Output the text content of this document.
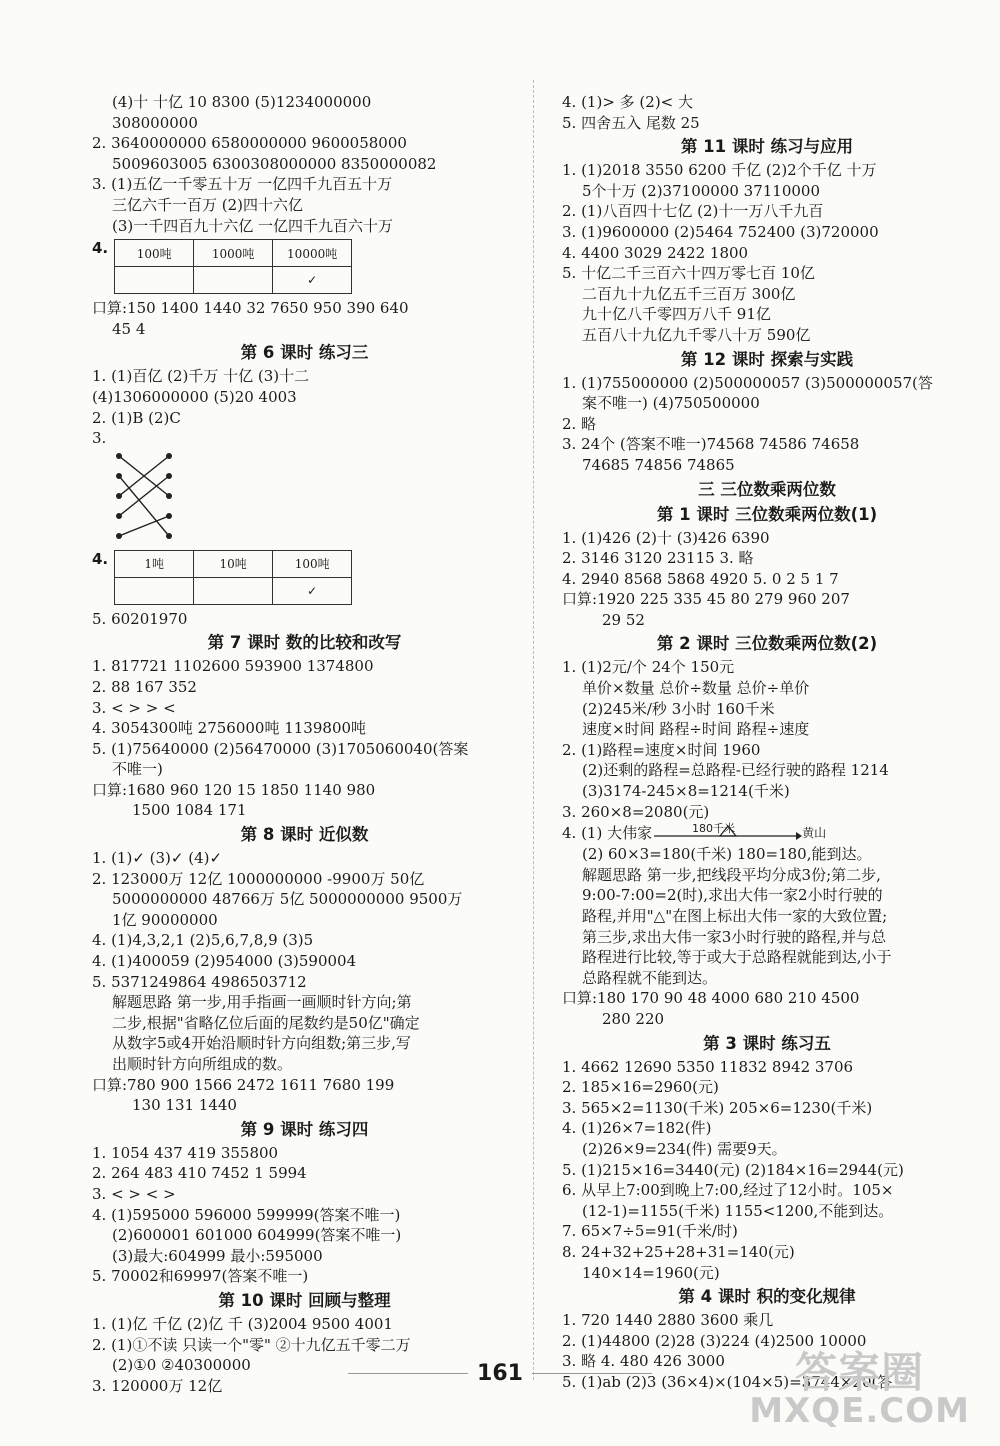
(4)十 十亿 10 8300 (5)1234000000
308000000
2. 3640000000 6580000000 9600058000
5009603005 6300308000000 8350000082
3. (1)五亿一千零五十万 一亿四千九百五十万
三亿六千一百万 (2)四十六亿
(3)一千四百九十六亿 一亿四千九百六十万
4. 100吨	1000吨	10000吨
		✓
口算:150 1400 1440 32 7650 950 390 640
45 4
第 6 课时 练习三
1. (1)百亿 (2)千万 十亿 (3)十二
(4)1306000000 (5)20 4003
2. (1)B (2)C
3.
4.	1吨	10吨	100吨
		✓
5. 60201970
第 7 课时 数的比较和改写
1. 817721 1102600 593900 1374800
2. 88 167 352
3. < > > <
4. 3054300吨 2756000吨 1139800吨
5. (1)75640000 (2)56470000 (3)1705060040(答案
不唯一)
口算:1680 960 120 15 1850 1140 980
1500 1084 171
第 8 课时 近似数
1. (1)✓ (3)✓ (4)✓
2. 123000万 12亿 1000000000 -9900万 50亿
5000000000 48766万 5亿 5000000000 9500万
1亿 90000000
4. (1)4,3,2,1 (2)5,6,7,8,9 (3)5
4. (1)400059 (2)954000 (3)590004
5. 5371249864 4986503712
解题思路 第一步,用手指画一画顺时针方向;第
二步,根据"省略亿位后面的尾数约是50亿"确定
从数字5或4开始沿顺时针方向组数;第三步,写
出顺时针方向所组成的数。
口算:780 900 1566 2472 1611 7680 199
130 131 1440
第 9 课时 练习四
1. 1054 437 419 355800
2. 264 483 410 7452 1 5994
3. < > < >
4. (1)595000 596000 599999(答案不唯一)
(2)600001 601000 604999(答案不唯一)
(3)最大:604999 最小:595000
5. 70002和69997(答案不唯一)
第 10 课时 回顾与整理
1. (1)亿 千亿 (2)亿 千 (3)2004 9500 4001
2. (1)①不读 只读一个"零" ②十九亿五千零二万
(2)①0 ②40300000
3. 120000万 12亿
4. (1)> 多 (2)< 大
5. 四舍五入 尾数 25
第 11 课时 练习与应用
1. (1)2018 3550 6200 千亿 (2)2个千亿 十万
5个十万 (2)37100000 37110000
2. (1)八百四十七亿 (2)十一万八千九百
3. (1)9600000 (2)5464 752400 (3)720000
4. 4400 3029 2422 1800
5. 十亿二千三百六十四万零七百 10亿
二百九十九亿五千三百万 300亿
九十亿八千零四万八千 91亿
五百八十九亿九千零八十万 590亿
第 12 课时 探索与实践
1. (1)755000000 (2)500000057 (3)500000057(答
案不唯一) (4)750500000
2. 略
3. 24个 (答案不唯一)74568 74586 74658
74685 74856 74865
三 三位数乘两位数
第 1 课时 三位数乘两位数(1)
1. (1)426 (2)十 (3)426 6390
2. 3146 3120 23115 3. 略
4. 2940 8568 5868 4920 5. 0 2 5 1 7
口算:1920 225 335 45 80 279 960 207
29 52
第 2 课时 三位数乘两位数(2)
1. (1)2元/个 24个 150元
单价×数量 总价÷数量 总价÷单价
(2)245米/秒 3小时 160千米
速度×时间 路程÷时间 路程÷速度
2. (1)路程=速度×时间 1960
(2)还剩的路程=总路程-已经行驶的路程 1214
(3)3174-245×8=1214(千米)
3. 260×8=2080(元)
4. (1) 大伟家	180千米	黄山
(2) 60×3=180(千米) 180=180,能到达。
解题思路 第一步,把线段平均分成3份;第二步,
9:00-7:00=2(时),求出大伟一家2小时行驶的
路程,并用"△"在图上标出大伟一家的大致位置;
第三步,求出大伟一家3小时行驶的路程,并与总
路程进行比较,等于或大于总路程就能到达,小于
总路程就不能到达。
口算:180 170 90 48 4000 680 210 4500
280 220
第 3 课时 练习五
1. 4662 12690 5350 11832 8942 3706
2. 185×16=2960(元)
3. 565×2=1130(千米) 205×6=1230(千米)
4. (1)26×7=182(件)
(2)26×9=234(件) 需要9天。
5. (1)215×16=3440(元) (2)184×16=2944(元)
6. 从早上7:00到晚上7:00,经过了12小时。105×
(12-1)=1155(千米) 1155<1200,不能到达。
7. 65×7÷5=91(千米/时)
8. 24+32+25+28+31=140(元)
140×14=1960(元)
第 4 课时 积的变化规律
1. 720 1440 2880 3600 乘几
2. (1)44800 (2)28 (3)224 (4)2500 10000
3. 略 4. 480 426 3000
5. (1)ab (2)3 (36×4)×(104×5)=3744×20(答
161	答案圈
MXQE.COM
